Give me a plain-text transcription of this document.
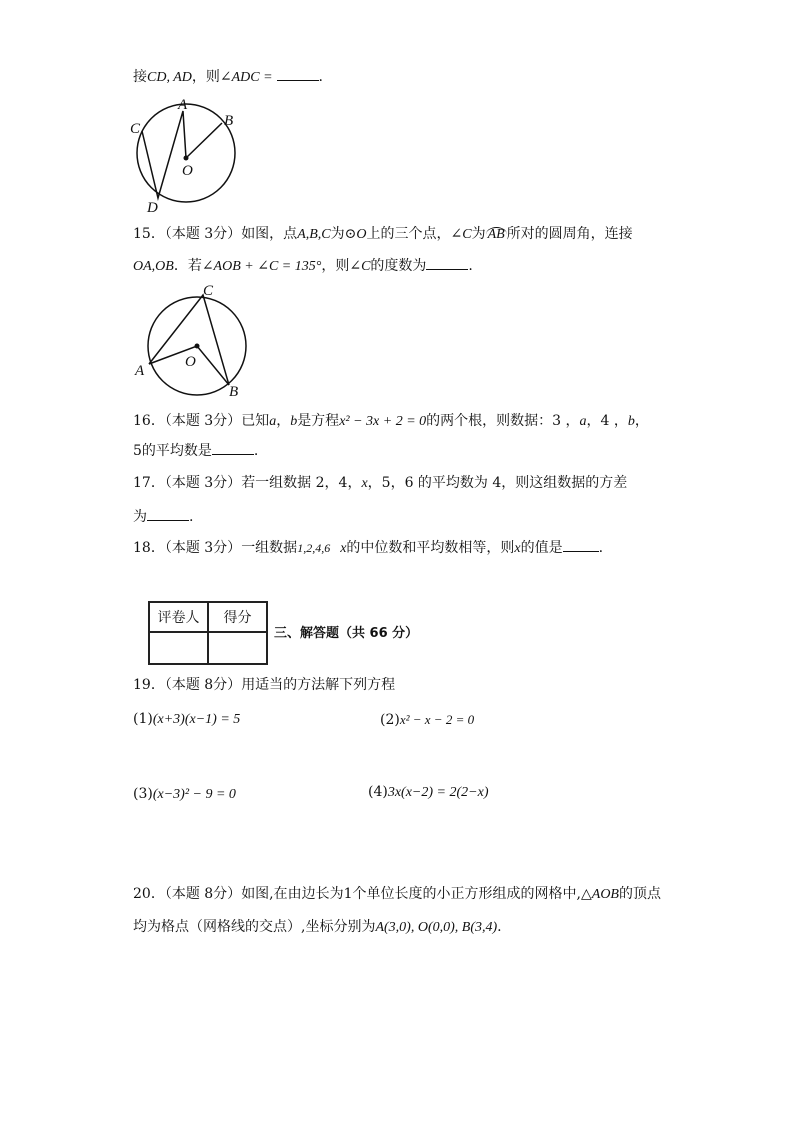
接CD, AD，则∠ADC =	.
A
B
C
D
O
15．（本题 3分）如图，点A,B,C为⊙O上的三个点，∠C为 AB 所对的圆周角，连接
OA,OB．若∠AOB + ∠C = 135°，则∠C的度数为	.
C
A
B
O
16．（本题 3分）已知a，b是方程x² − 3x + 2 = 0的两个根，则数据：3 ，a，4 ，b，
5的平均数是	.
17．（本题 3分）若一组数据 2，4，x，5，6 的平均数为 4，则这组数据的方差
为	.
18．（本题 3分）一组数据1,2,4,6 x的中位数和平均数相等，则x的值是	.
评卷人	得分

三、解答题（共 66 分）
19．（本题 8分）用适当的方法解下列方程
(1)(x+3)(x−1) = 5	(2)x² − x − 2 = 0
(3)(x−3)² − 9 = 0	(4)3x(x−2) = 2(2−x)
20．（本题 8分）如图,在由边长为1个单位长度的小正方形组成的网格中,△AOB的顶点
均为格点（网格线的交点）,坐标分别为A(3,0), O(0,0), B(3,4).
